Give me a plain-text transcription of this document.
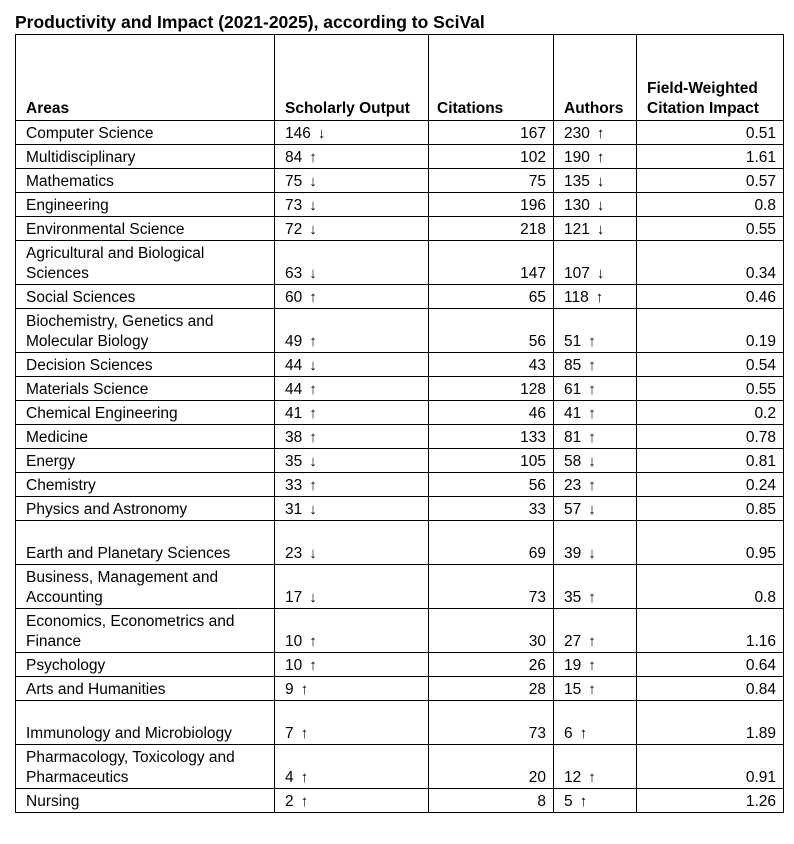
Productivity and Impact (2021-2025), according to SciVal
Areas	Scholarly Output	Citations	Authors	Field-Weighted Citation Impact
Computer Science	146 ↓	167	230 ↑	0.51
Multidisciplinary	84 ↑	102	190 ↑	1.61
Mathematics	75 ↓	75	135 ↓	0.57
Engineering	73 ↓	196	130 ↓	0.8
Environmental Science	72 ↓	218	121 ↓	0.55
Agricultural and Biological Sciences	63 ↓	147	107 ↓	0.34
Social Sciences	60 ↑	65	118 ↑	0.46
Biochemistry, Genetics and Molecular Biology	49 ↑	56	51 ↑	0.19
Decision Sciences	44 ↓	43	85 ↑	0.54
Materials Science	44 ↑	128	61 ↑	0.55
Chemical Engineering	41 ↑	46	41 ↑	0.2
Medicine	38 ↑	133	81 ↑	0.78
Energy	35 ↓	105	58 ↓	0.81
Chemistry	33 ↑	56	23 ↑	0.24
Physics and Astronomy	31 ↓	33	57 ↓	0.85
Earth and Planetary Sciences	23 ↓	69	39 ↓	0.95
Business, Management and Accounting	17 ↓	73	35 ↑	0.8
Economics, Econometrics and Finance	10 ↑	30	27 ↑	1.16
Psychology	10 ↑	26	19 ↑	0.64
Arts and Humanities	9 ↑	28	15 ↑	0.84
Immunology and Microbiology	7 ↑	73	6 ↑	1.89
Pharmacology, Toxicology and Pharmaceutics	4 ↑	20	12 ↑	0.91
Nursing	2 ↑	8	5 ↑	1.26
